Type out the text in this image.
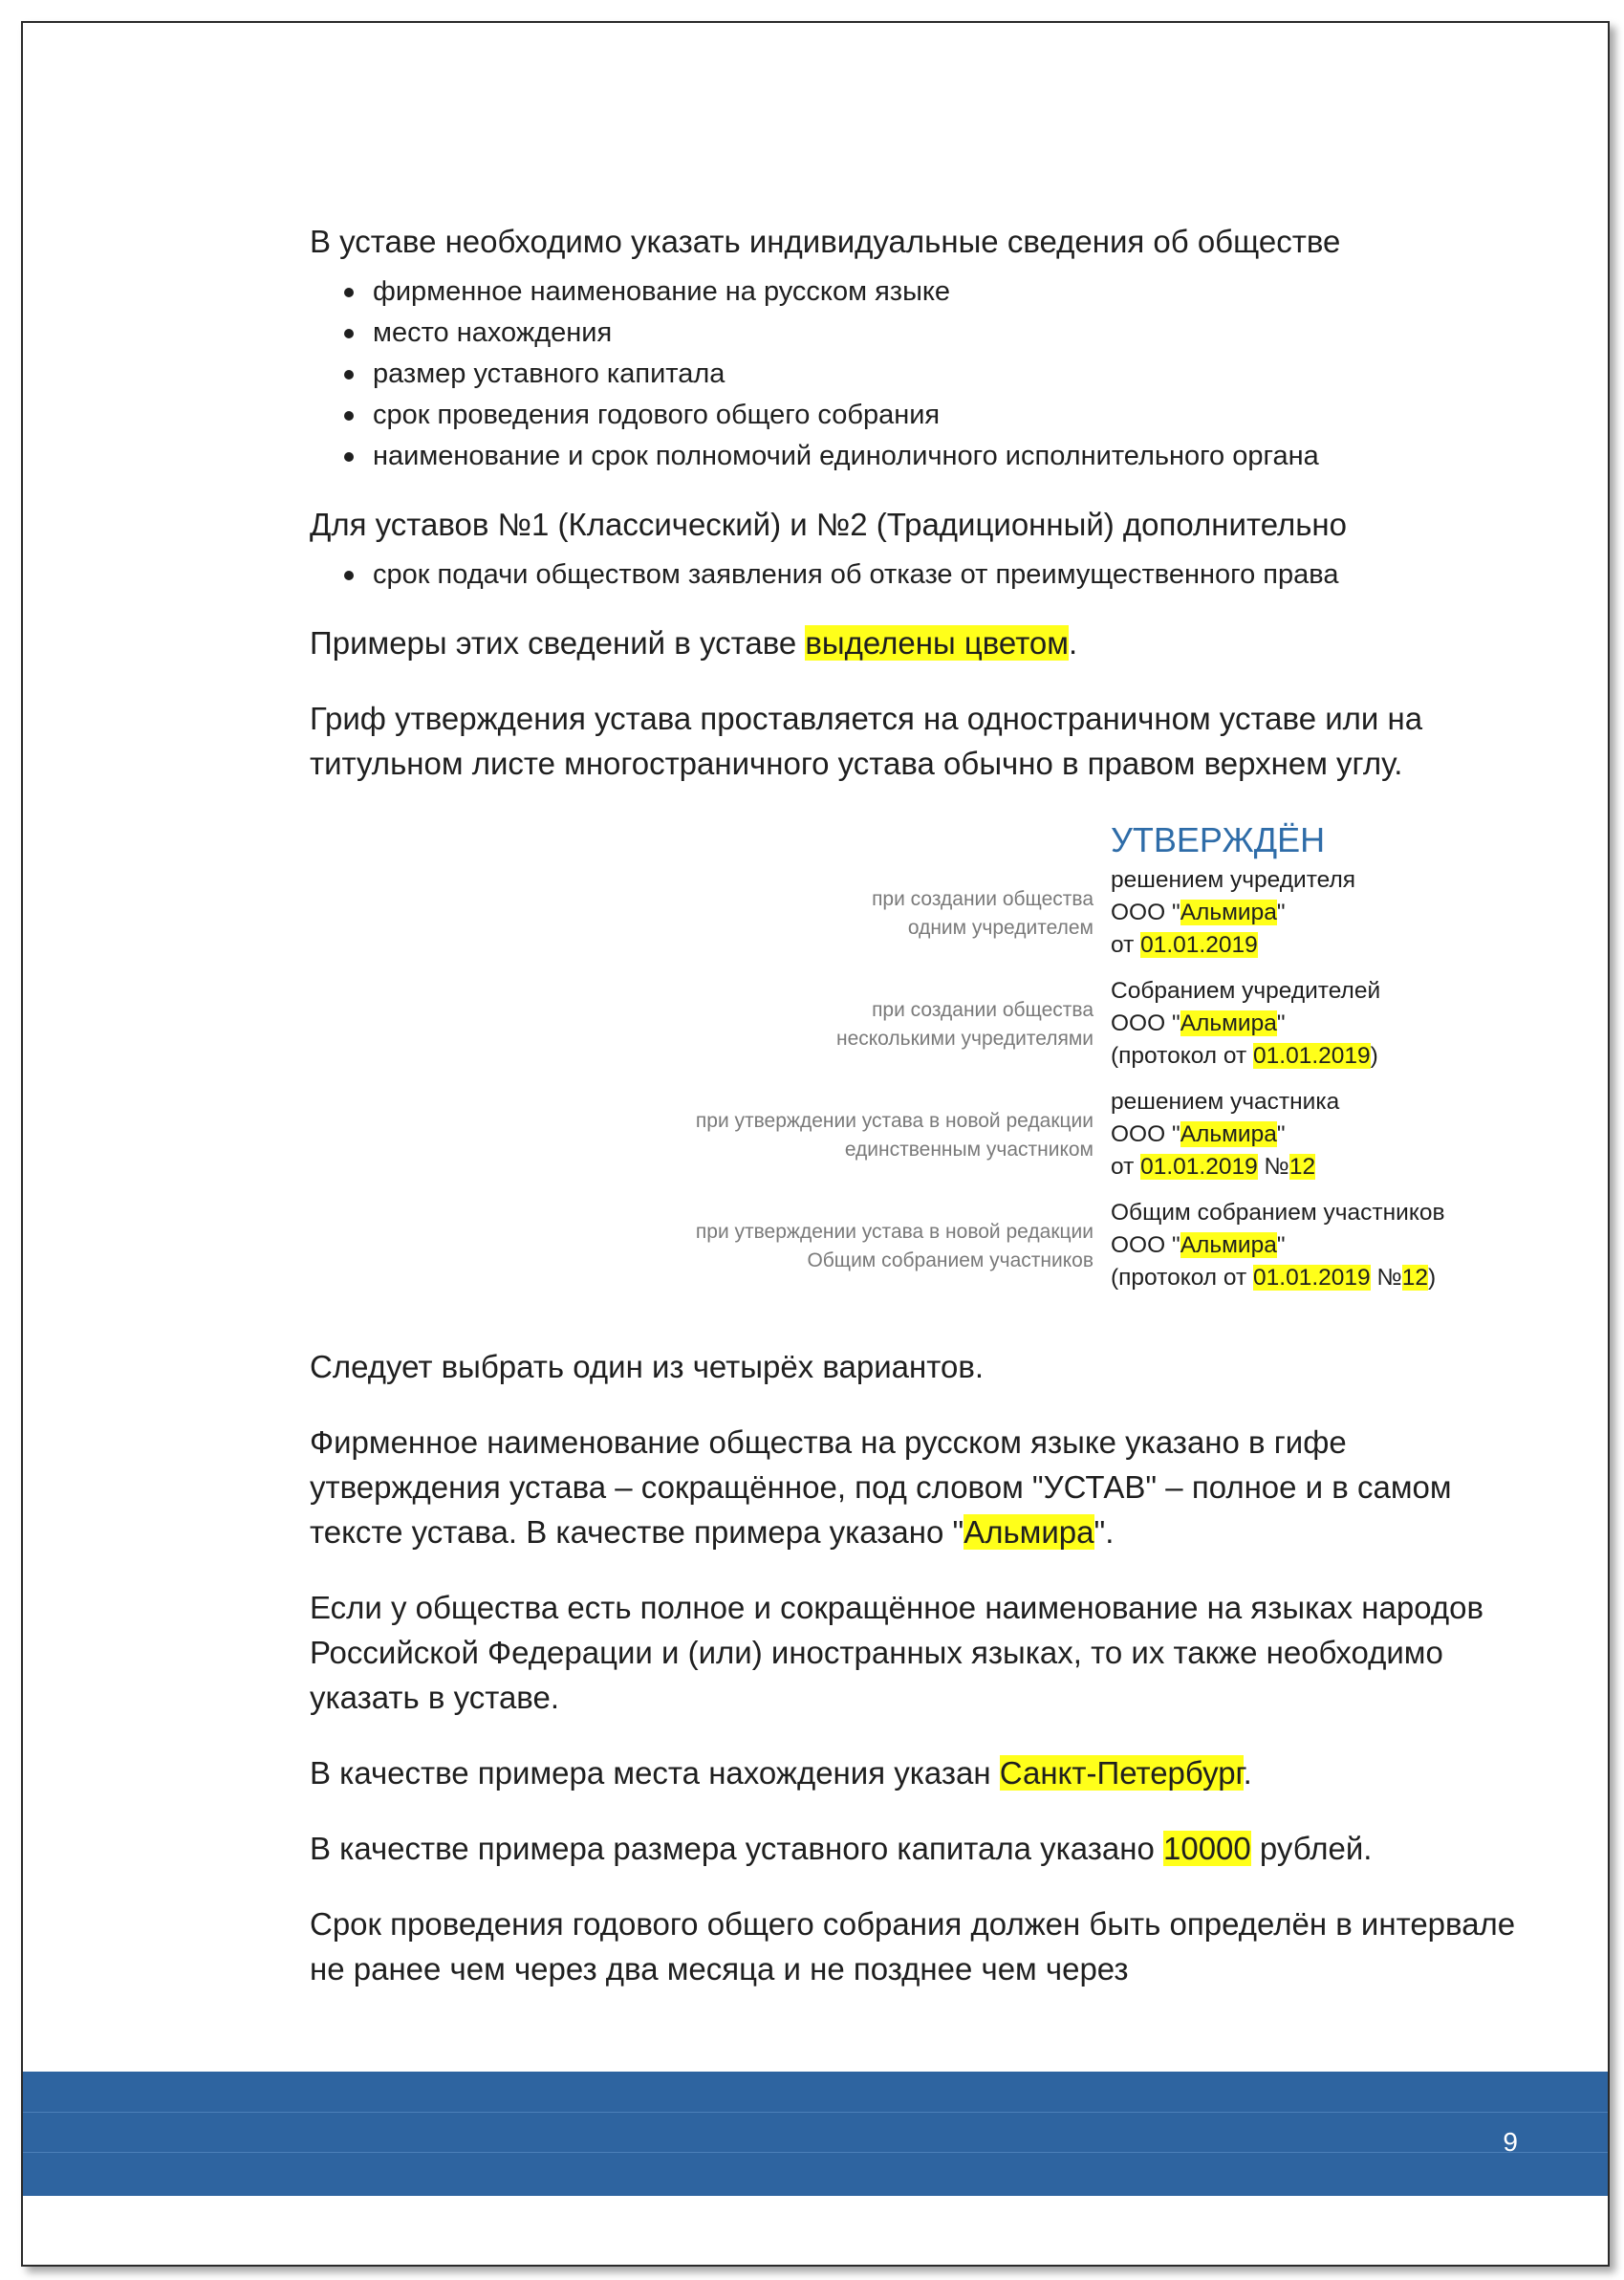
В уставе необходимо указать индивидуальные сведения об обществе

фирменное наименование на русском языке
место нахождения
размер уставного капитала
срок проведения годового общего собрания
наименование и срок полномочий единоличного исполнительного органа

Для уставов №1 (Классический) и №2 (Традиционный) дополнительно

срок подачи обществом заявления об отказе от преимущественного права

Примеры этих сведений в уставе выделены цветом.

Гриф утверждения устава проставляется на одностраничном уставе или на титульном листе многостраничного устава обычно в правом верхнем углу.

УТВЕРЖДЁН

при создании общества
одним учредителем
решением учредителя
ООО "Альмира"
от 01.01.2019
при создании общества
несколькими учредителями
Собранием учредителей
ООО "Альмира"
(протокол от 01.01.2019)
при утверждении устава в новой редакции
единственным участником
решением участника
ООО "Альмира"
от 01.01.2019 №12
при утверждении устава в новой редакции
Общим собранием участников
Общим собранием участников
ООО "Альмира"
(протокол от 01.01.2019 №12)

Следует выбрать один из четырёх вариантов.

Фирменное наименование общества на русском языке указано в гифе утверждения устава – сокращённое, под словом "УСТАВ" – полное и в самом тексте устава. В качестве примера указано "Альмира".

Если у общества есть полное и сокращённое наименование на языках народов Российской Федерации и (или) иностранных языках, то их также необходимо указать в уставе.

В качестве примера места нахождения указан Санкт-Петербург.

В качестве примера размера уставного капитала указано 10000 рублей.

Срок проведения годового общего собрания должен быть определён в интервале не ранее чем через два месяца и не позднее чем через

9
